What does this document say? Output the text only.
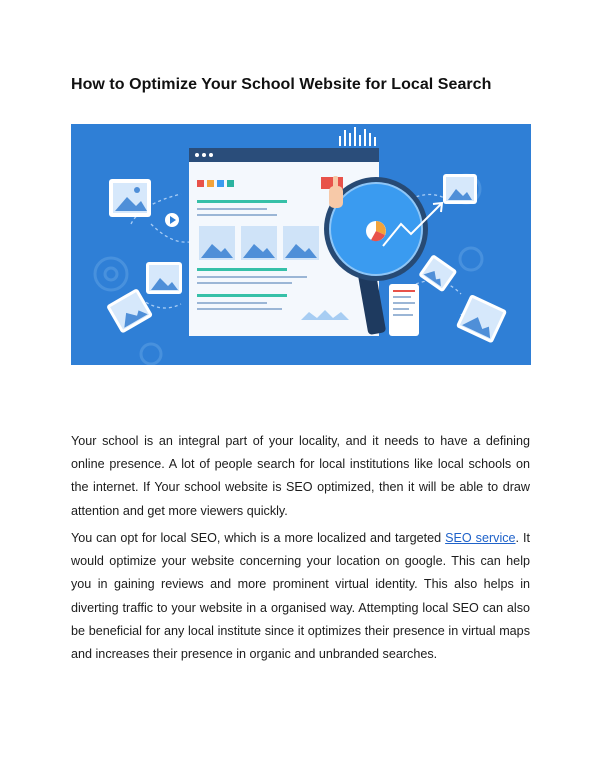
How to Optimize Your School Website for Local Search

Your school is an integral part of your locality, and it needs to have a defining online presence. A lot of people search for local institutions like local schools on the internet. If Your school website is SEO optimized, then it will be able to draw attention and get more viewers quickly.

You can opt for local SEO, which is a more localized and targeted SEO service. It would optimize your website concerning your location on google. This can help you in gaining reviews and more prominent virtual identity. This also helps in diverting traffic to your website in a organised way. Attempting local SEO can also be beneficial for any local institute since it optimizes their presence in virtual maps and increases their presence in organic and unbranded searches.
